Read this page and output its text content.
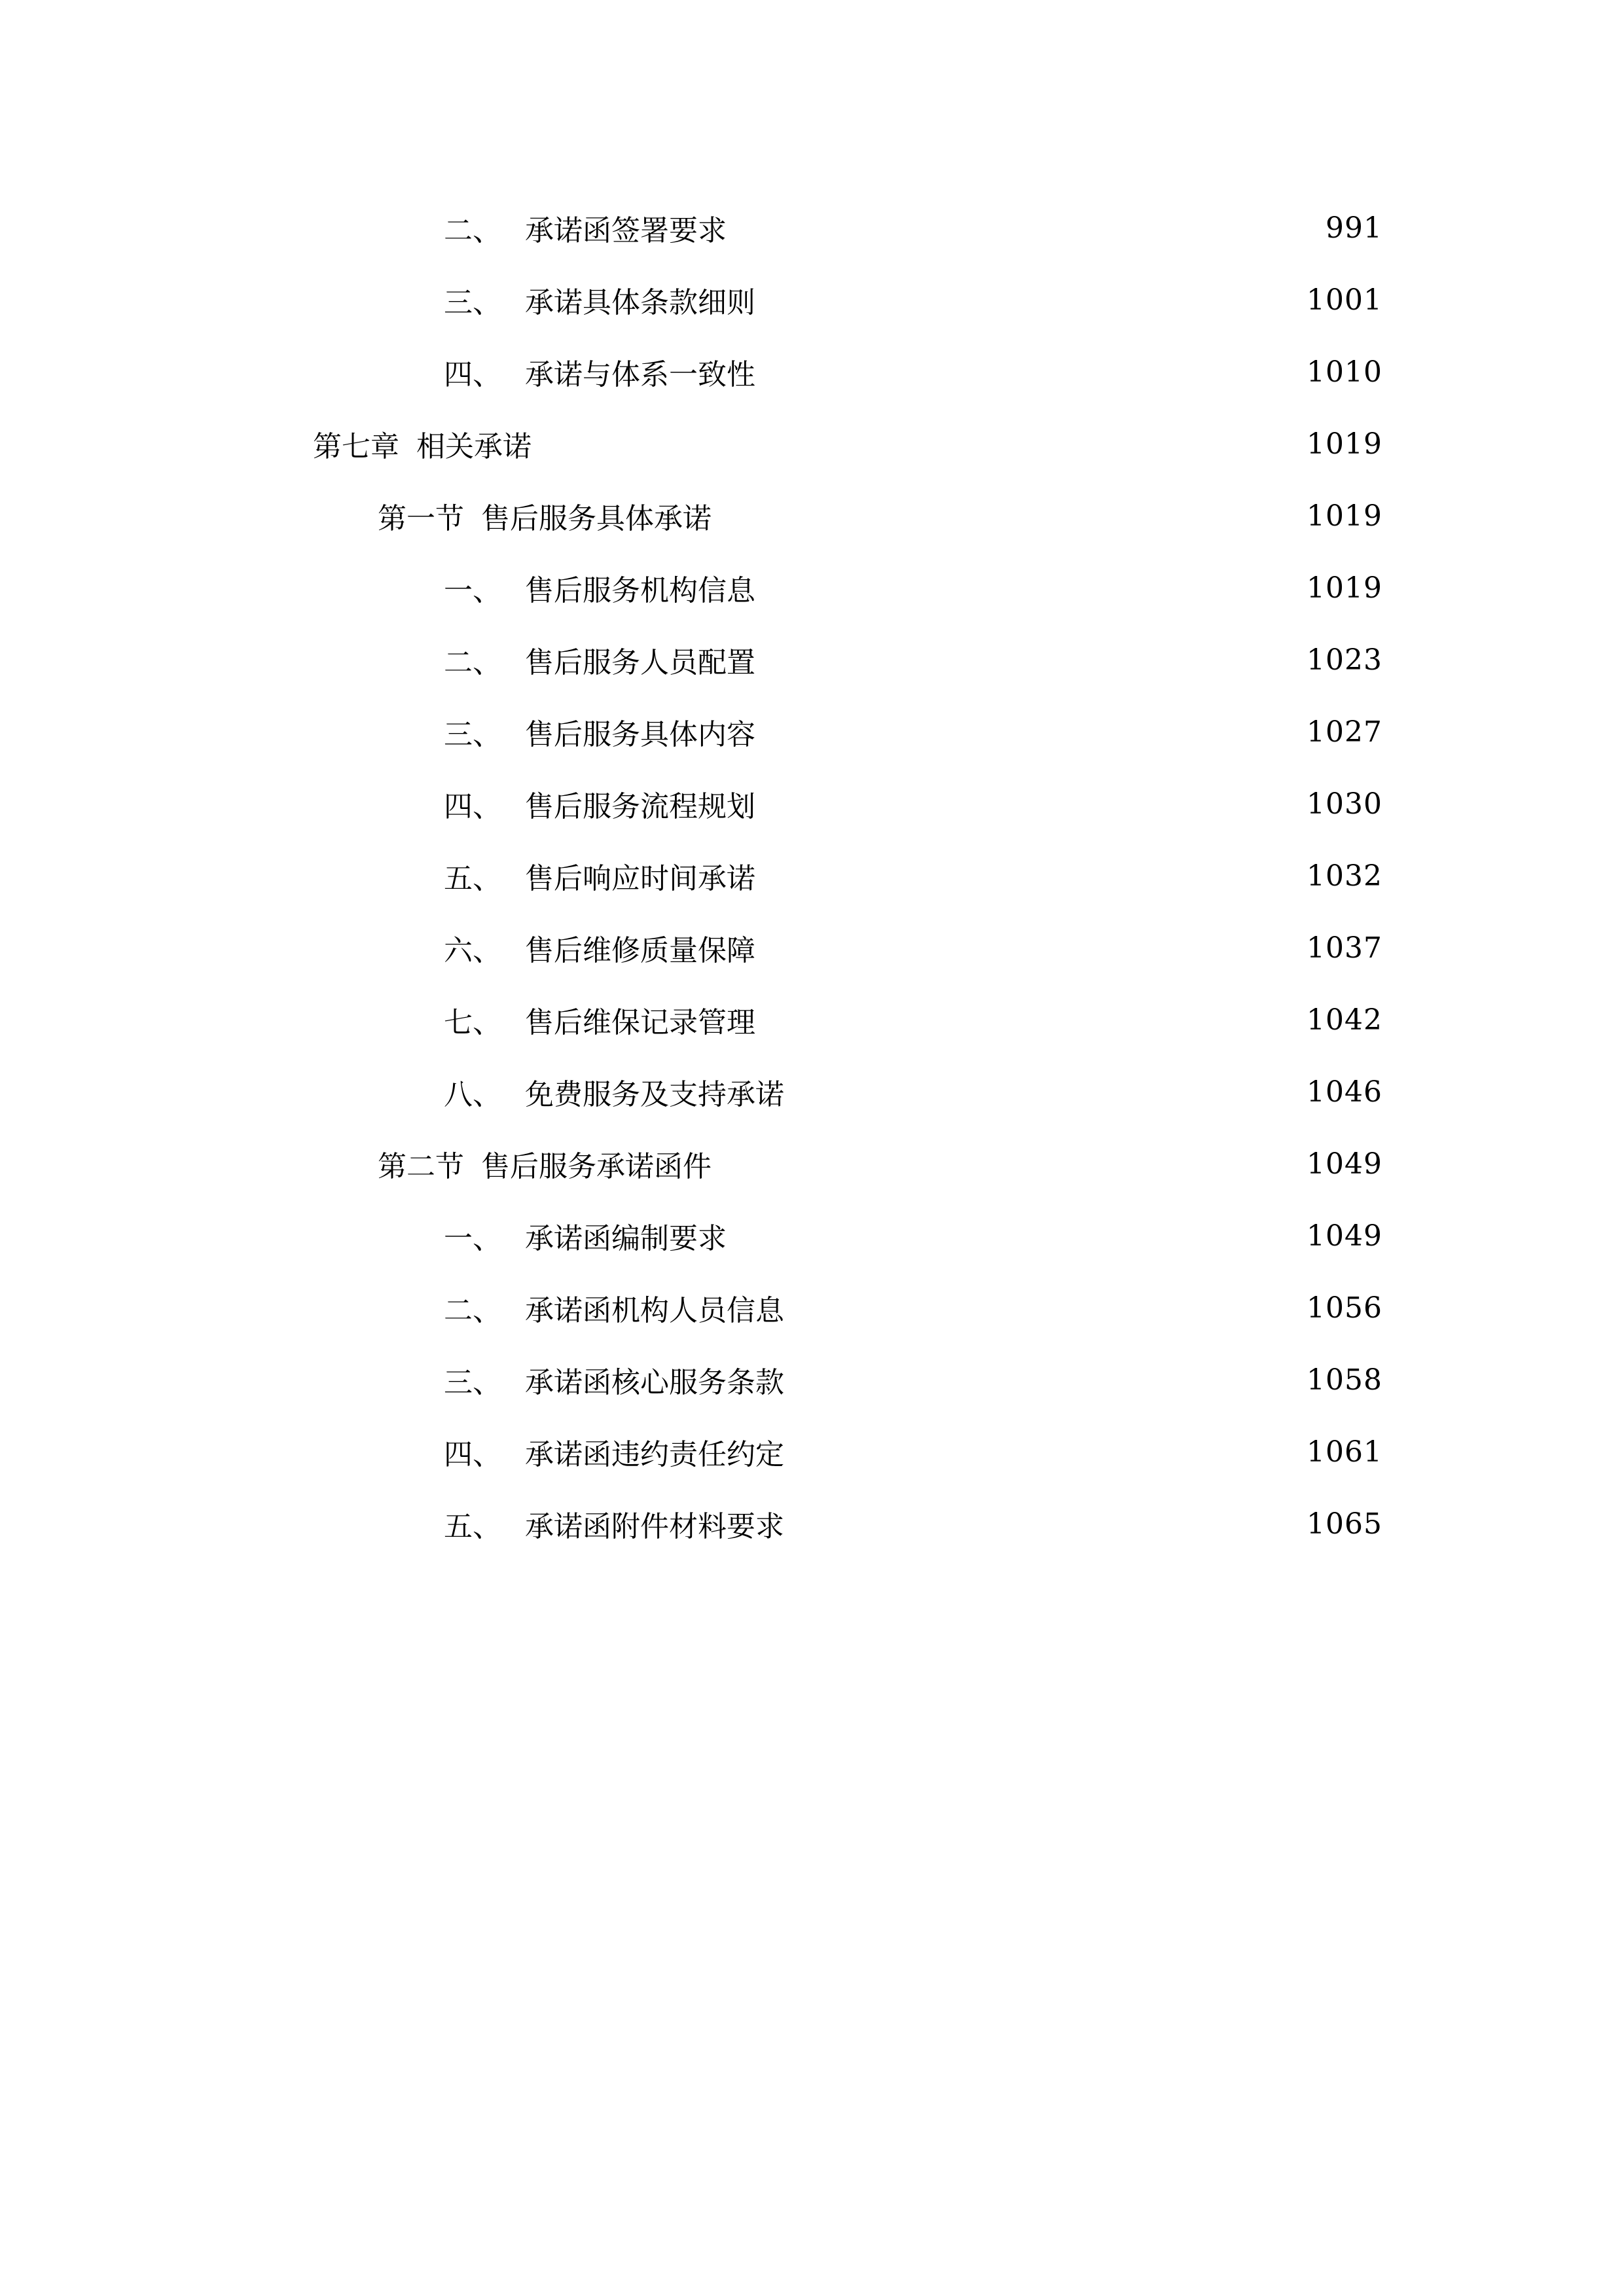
二、 承诺函签署要求	991
三、 承诺具体条款细则	1001
四、 承诺与体系一致性	1010
第七章 相关承诺	1019
第一节 售后服务具体承诺	1019
一、 售后服务机构信息	1019
二、 售后服务人员配置	1023
三、 售后服务具体内容	1027
四、 售后服务流程规划	1030
五、 售后响应时间承诺	1032
六、 售后维修质量保障	1037
七、 售后维保记录管理	1042
八、 免费服务及支持承诺	1046
第二节 售后服务承诺函件	1049
一、 承诺函编制要求	1049
二、 承诺函机构人员信息	1056
三、 承诺函核心服务条款	1058
四、 承诺函违约责任约定	1061
五、 承诺函附件材料要求	1065
